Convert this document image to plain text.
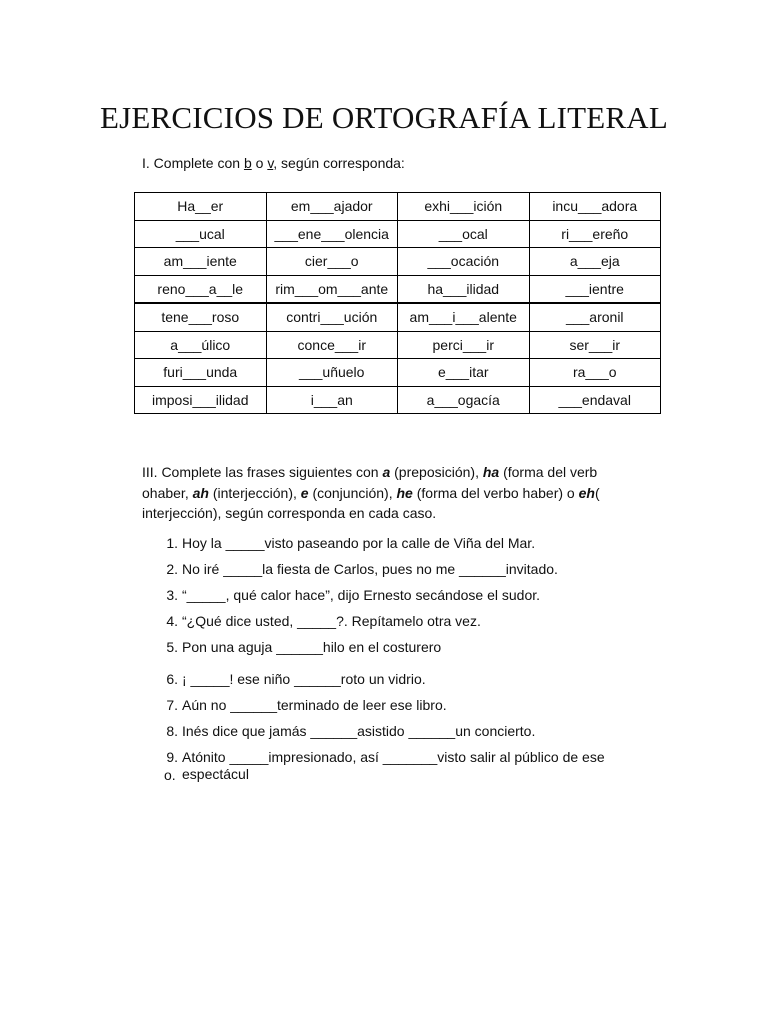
EJERCICIOS DE ORTOGRAFÍA LITERAL
I. Complete con b o v, según corresponda:
Ha__er	em___ajador	exhi___ición	incu___adora
___ucal	___ene___olencia	___ocal	ri___ereño
am___iente	cier___o	___ocación	a___eja
reno___a__le	rim___om___ante	ha___ilidad	___ientre
tene___roso	contri___ución	am___i___alente	___aronil
a___úlico	conce___ir	perci___ir	ser___ir
furi___unda	___uñuelo	e___itar	ra___o
imposi___ilidad	i___an	a___ogacía	___endaval
III. Complete las frases siguientes con a (preposición), ha (forma del verb ohaber, ah (interjección), e (conjunción), he (forma del verbo haber) o eh( interjección), según corresponda en cada caso.
1. Hoy la _____visto paseando por la calle de Viña del Mar.
2. No iré _____la fiesta de Carlos, pues no me ______invitado.
3. “_____, qué calor hace”, dijo Ernesto secándose el sudor.
4. “¿Qué dice usted, _____?. Repítamelo otra vez.
5. Pon una aguja ______hilo en el costurero
6. ¡ _____! ese niño ______roto un vidrio.
7. Aún no ______terminado de leer ese libro.
8. Inés dice que jamás ______asistido ______un concierto.
9. Atónito _____impresionado, así _______visto salir al público de ese espectácul
o.
